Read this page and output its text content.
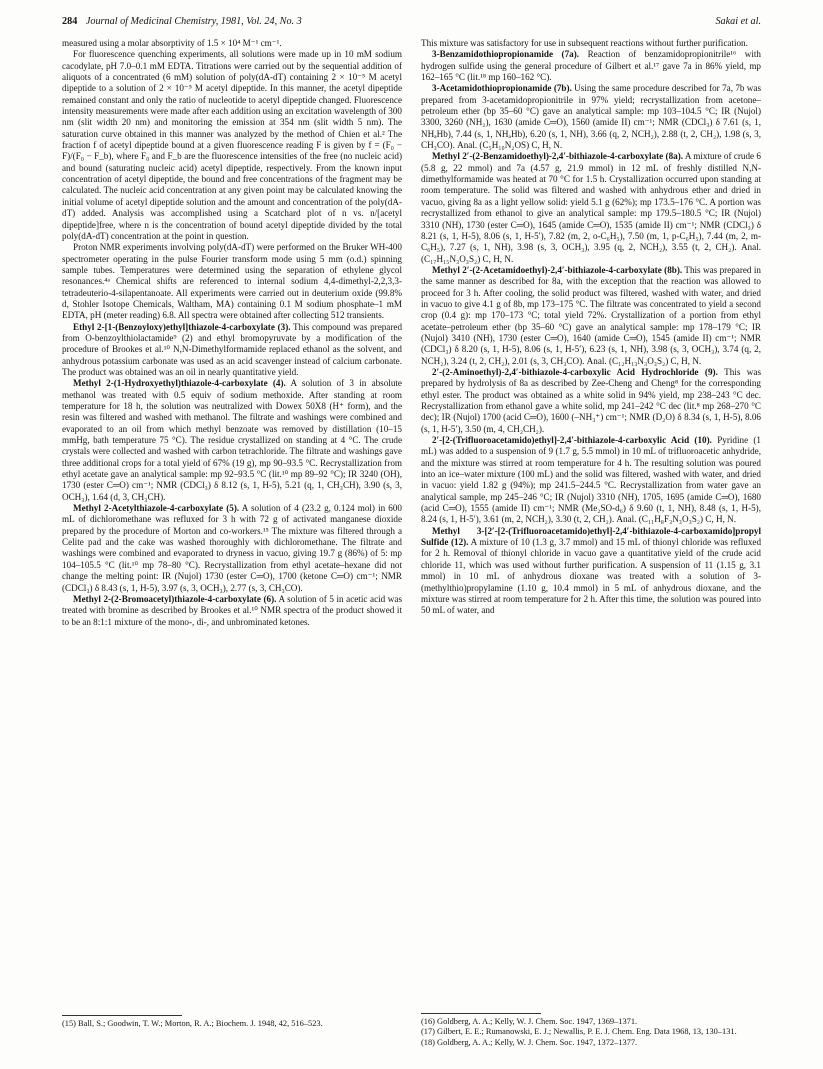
284 Journal of Medicinal Chemistry, 1981, Vol. 24, No. 3	Sakai et al.

measured using a molar absorptivity of 1.5 × 10⁴ M⁻¹ cm⁻¹.

For fluorescence quenching experiments, all solutions were made up in 10 mM sodium cacodylate, pH 7.0–0.1 mM EDTA. Titrations were carried out by the sequential addition of aliquots of a concentrated (6 mM) solution of poly(dA-dT) containing 2 × 10⁻⁵ M acetyl dipeptide to a solution of 2 × 10⁻⁵ M acetyl dipeptide. In this manner, the acetyl dipeptide remained constant and only the ratio of nucleotide to acetyl dipeptide changed. Fluorescence intensity measurements were made after each addition using an excitation wavelength of 300 nm (slit width 20 nm) and monitoring the emission at 354 nm (slit width 5 nm). The saturation curve obtained in this manner was analyzed by the method of Chien et al.² The fraction f of acetyl dipeptide bound at a given fluorescence reading F is given by f = (F₀ − F)/(F₀ − F_b), where F₀ and F_b are the fluorescence intensities of the free (no nucleic acid) and bound (saturating nucleic acid) acetyl dipeptide, respectively. From the known input concentration of acetyl dipeptide, the bound and free concentrations of the fragment may be calculated. The nucleic acid concentration at any given point may be calculated knowing the initial volume of acetyl dipeptide solution and the amount and concentration of the poly(dA-dT) added. Analysis was accomplished using a Scatchard plot of n vs. n/[acetyl dipeptide]free, where n is the concentration of bound acetyl dipeptide divided by the total poly(dA-dT) concentration at the point in question.

Proton NMR experiments involving poly(dA-dT) were performed on the Bruker WH-400 spectrometer operating in the pulse Fourier transform mode using 5 mm (o.d.) spinning sample tubes. Temperatures were determined using the separation of ethylene glycol resonances.⁴ᵃ Chemical shifts are referenced to internal sodium 4,4-dimethyl-2,2,3,3-tetradeuterio-4-silapentanoate. All experiments were carried out in deuterium oxide (99.8% d, Stohler Isotope Chemicals, Waltham, MA) containing 0.1 M sodium phosphate–1 mM EDTA, pH (meter reading) 6.8. All spectra were obtained after collecting 512 transients.

Ethyl 2-[1-(Benzoyloxy)ethyl]thiazole-4-carboxylate (3). This compound was prepared from O-benzoylthiolactamide⁹ (2) and ethyl bromopyruvate by a modification of the procedure of Brookes et al.¹⁰ N,N-Dimethylformamide replaced ethanol as the solvent, and anhydrous potassium carbonate was used as an acid scavenger instead of calcium carbonate. The product was obtained was an oil in nearly quantitative yield.

Methyl 2-(1-Hydroxyethyl)thiazole-4-carboxylate (4). A solution of 3 in absolute methanol was treated with 0.5 equiv of sodium methoxide. After standing at room temperature for 18 h, the solution was neutralized with Dowex 50X8 (H⁺ form), and the resin was filtered and washed with methanol. The filtrate and washings were combined and evaporated to an oil from which methyl benzoate was removed by distillation (10–15 mmHg, bath temperature 75 °C). The residue crystallized on standing at 4 °C. The crude crystals were collected and washed with carbon tetrachloride. The filtrate and washings gave three additional crops for a total yield of 67% (19 g), mp 90–93.5 °C. Recrystallization from ethyl acetate gave an analytical sample: mp 92–93.5 °C (lit.¹⁰ mp 89–92 °C); IR 3240 (OH), 1730 (ester C═O) cm⁻¹; NMR (CDCl₃) δ 8.12 (s, 1, H-5), 5.21 (q, 1, CH₃CH), 3.90 (s, 3, OCH₃), 1.64 (d, 3, CH₃CH).

Methyl 2-Acetylthiazole-4-carboxylate (5). A solution of 4 (23.2 g, 0.124 mol) in 600 mL of dichloromethane was refluxed for 3 h with 72 g of activated manganese dioxide prepared by the procedure of Morton and co-workers.¹⁵ The mixture was filtered through a Celite pad and the cake was washed thoroughly with dichloromethane. The filtrate and washings were combined and evaporated to dryness in vacuo, giving 19.7 g (86%) of 5: mp 104–105.5 °C (lit.¹⁰ mp 78–80 °C). Recrystallization from ethyl acetate–hexane did not change the melting point: IR (Nujol) 1730 (ester C═O), 1700 (ketone C═O) cm⁻¹; NMR (CDCl₃) δ 8.43 (s, 1, H-5), 3.97 (s, 3, OCH₃), 2.77 (s, 3, CH₃CO).

Methyl 2-(2-Bromoacetyl)thiazole-4-carboxylate (6). A solution of 5 in acetic acid was treated with bromine as described by Brookes et al.¹⁰ NMR spectra of the product showed it to be an 8:1:1 mixture of the mono-, di-, and unbrominated ketones.

This mixture was satisfactory for use in subsequent reactions without further purification.

3-Benzamidothiopropionamide (7a). Reaction of benzamidopropionitrile¹⁶ with hydrogen sulfide using the general procedure of Gilbert et al.¹⁷ gave 7a in 86% yield, mp 162–165 °C (lit.¹⁸ mp 160–162 °C).

3-Acetamidothiopropionamide (7b). Using the same procedure described for 7a, 7b was prepared from 3-acetamidopropionitrile in 97% yield; recrystallization from acetone–petroleum ether (bp 35–60 °C) gave an analytical sample: mp 103–104.5 °C; IR (Nujol) 3300, 3260 (NH₂), 1630 (amide C═O), 1560 (amide II) cm⁻¹; NMR (CDCl₃) δ 7.61 (s, 1, NHₐHb), 7.44 (s, 1, NHₐHb), 6.20 (s, 1, NH), 3.66 (q, 2, NCH₂), 2.88 (t, 2, CH₂), 1.98 (s, 3, CH₃CO). Anal. (C₅H₁₀N₂OS) C, H, N.

Methyl 2′-(2-Benzamidoethyl)-2,4′-bithiazole-4-carboxylate (8a). A mixture of crude 6 (5.8 g, 22 mmol) and 7a (4.57 g, 21.9 mmol) in 12 mL of freshly distilled N,N-dimethylformamide was heated at 70 °C for 1.5 h. Crystallization occurred upon standing at room temperature. The solid was filtered and washed with anhydrous ether and dried in vacuo, giving 8a as a light yellow solid: yield 5.1 g (62%); mp 173.5–176 °C. A portion was recrystallized from ethanol to give an analytical sample: mp 179.5–180.5 °C; IR (Nujol) 3310 (NH), 1730 (ester C═O), 1645 (amide C═O), 1535 (amide II) cm⁻¹; NMR (CDCl₃) δ 8.21 (s, 1, H-5), 8.06 (s, 1, H-5′), 7.82 (m, 2, o-C₆H₅), 7.50 (m, 1, p-C₆H₅), 7.44 (m, 2, m-C₆H₅), 7.27 (s, 1, NH), 3.98 (s, 3, OCH₃), 3.95 (q, 2, NCH₂), 3.55 (t, 2, CH₂). Anal. (C₁₇H₁₅N₃O₃S₂) C, H, N.

Methyl 2′-(2-Acetamidoethyl)-2,4′-bithiazole-4-carboxylate (8b). This was prepared in the same manner as described for 8a, with the exception that the reaction was allowed to proceed for 3 h. After cooling, the solid product was filtered, washed with water, and dried in vacuo to give 4.1 g of 8b, mp 173–175 °C. The filtrate was concentrated to yield a second crop (0.4 g): mp 170–173 °C; total yield 72%. Crystallization of a portion from ethyl acetate–petroleum ether (bp 35–60 °C) gave an analytical sample: mp 178–179 °C; IR (Nujol) 3410 (NH), 1730 (ester C═O), 1640 (amide C═O), 1545 (amide II) cm⁻¹; NMR (CDCl₃) δ 8.20 (s, 1, H-5), 8.06 (s, 1, H-5′), 6.23 (s, 1, NH), 3.98 (s, 3, OCH₃), 3.74 (q, 2, NCH₂), 3.24 (t, 2, CH₂), 2.01 (s, 3, CH₃CO). Anal. (C₁₂H₁₃N₃O₃S₂) C, H, N.

2′-(2-Aminoethyl)-2,4′-bithiazole-4-carboxylic Acid Hydrochloride (9). This was prepared by hydrolysis of 8a as described by Zee-Cheng and Cheng⁸ for the corresponding ethyl ester. The product was obtained as a white solid in 94% yield, mp 238–243 °C dec. Recrystallization from ethanol gave a white solid, mp 241–242 °C dec (lit.⁸ mp 268–270 °C dec); IR (Nujol) 1700 (acid C═O), 1600 (–NH₃⁺) cm⁻¹; NMR (D₂O) δ 8.34 (s, 1, H-5), 8.06 (s, 1, H-5′), 3.50 (m, 4, CH₂CH₂).

2′-[2-(Trifluoroacetamido)ethyl]-2,4′-bithiazole-4-carboxylic Acid (10). Pyridine (1 mL) was added to a suspension of 9 (1.7 g, 5.5 mmol) in 10 mL of trifluoroacetic anhydride, and the mixture was stirred at room temperature for 4 h. The resulting solution was poured into an ice–water mixture (100 mL) and the solid was filtered, washed with water, and dried in vacuo: yield 1.82 g (94%); mp 241.5–244.5 °C. Recrystallization from water gave an analytical sample, mp 245–246 °C; IR (Nujol) 3310 (NH), 1705, 1695 (amide C═O), 1680 (acid C═O), 1555 (amide II) cm⁻¹; NMR (Me₂SO-d₆) δ 9.60 (t, 1, NH), 8.48 (s, 1, H-5), 8.24 (s, 1, H-5′), 3.61 (m, 2, NCH₂), 3.30 (t, 2, CH₂). Anal. (C₁₁H₈F₃N₃O₃S₂) C, H, N.

Methyl 3-[2′-[2-(Trifluoroacetamido)ethyl]-2,4′-bithiazole-4-carboxamido]propyl Sulfide (12). A mixture of 10 (1.3 g, 3.7 mmol) and 15 mL of thionyl chloride was refluxed for 2 h. Removal of thionyl chloride in vacuo gave a quantitative yield of the crude acid chloride 11, which was used without further purification. A suspension of 11 (1.15 g, 3.1 mmol) in 10 mL of anhydrous dioxane was treated with a solution of 3-(methylthio)propylamine (1.10 g, 10.4 mmol) in 5 mL of anhydrous dioxane, and the mixture was stirred at room temperature for 2 h. After this time, the solution was poured into 50 mL of water, and

(15) Ball, S.; Goodwin, T. W.; Morton, R. A.; Biochem. J. 1948, 42, 516–523.	(16) Goldberg, A. A.; Kelly, W. J. Chem. Soc. 1947, 1369–1371.
(17) Gilbert, E. E.; Rumanowski, E. J.; Newallis, P. E. J. Chem. Eng. Data 1968, 13, 130–131.
(18) Goldberg, A. A.; Kelly, W. J. Chem. Soc. 1947, 1372–1377.
